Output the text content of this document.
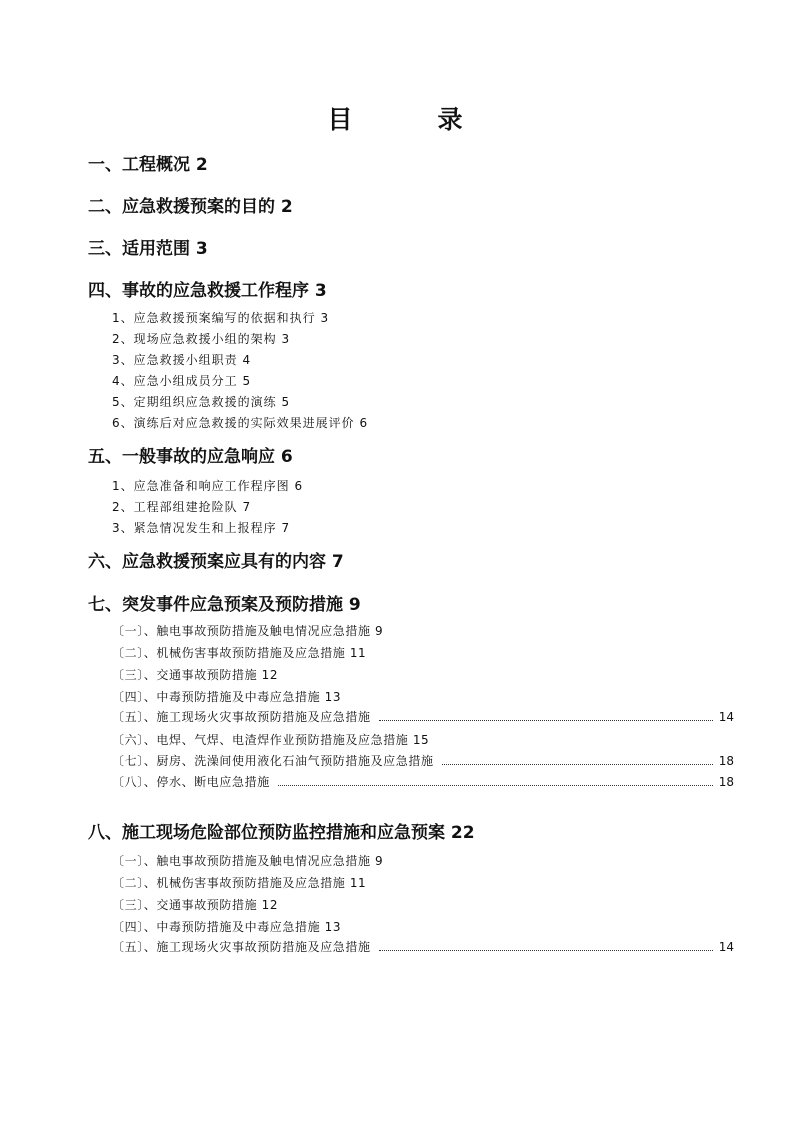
目　录
一、工程概况 2
二、应急救援预案的目的 2
三、适用范围 3
四、事故的应急救援工作程序 3
1、应急救援预案编写的依据和执行 3
2、现场应急救援小组的架构 3
3、应急救援小组职责 4
4、应急小组成员分工 5
5、定期组织应急救援的演练 5
6、演练后对应急救援的实际效果进展评价 6
五、一般事故的应急响应 6
1、应急准备和响应工作程序图 6
2、工程部组建抢险队 7
3、紧急情况发生和上报程序 7
六、应急救援预案应具有的内容 7
七、突发事件应急预案及预防措施 9
〔一〕、触电事故预防措施及触电情况应急措施 9
〔二〕、机械伤害事故预防措施及应急措施 11
〔三〕、交通事故预防措施 12
〔四〕、中毒预防措施及中毒应急措施 13
〔五〕、施工现场火灾事故预防措施及应急措施	14
〔六〕、电焊、气焊、电渣焊作业预防措施及应急措施 15
〔七〕、厨房、洗澡间使用液化石油气预防措施及应急措施	18
〔八〕、停水、断电应急措施	18
八、施工现场危险部位预防监控措施和应急预案 22
〔一〕、触电事故预防措施及触电情况应急措施 9
〔二〕、机械伤害事故预防措施及应急措施 11
〔三〕、交通事故预防措施 12
〔四〕、中毒预防措施及中毒应急措施 13
〔五〕、施工现场火灾事故预防措施及应急措施	14
